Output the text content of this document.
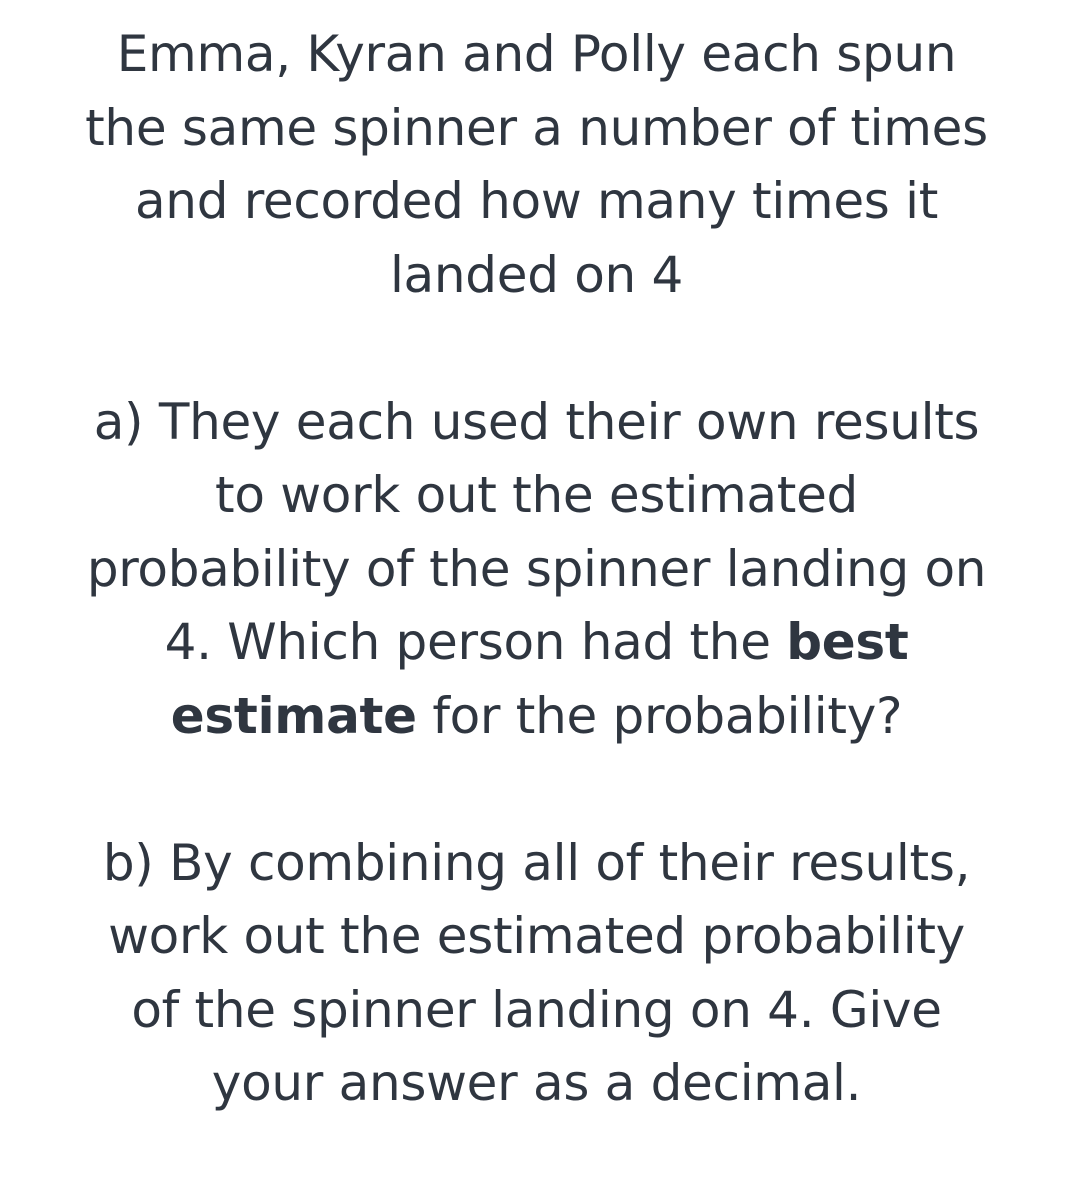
Emma, Kyran and Polly each spun
the same spinner a number of times
and recorded how many times it
landed on 4

a) They each used their own results
to work out the estimated
probability of the spinner landing on
4. Which person had the best
estimate for the probability?

b) By combining all of their results,
work out the estimated probability
of the spinner landing on 4. Give
your answer as a decimal.
